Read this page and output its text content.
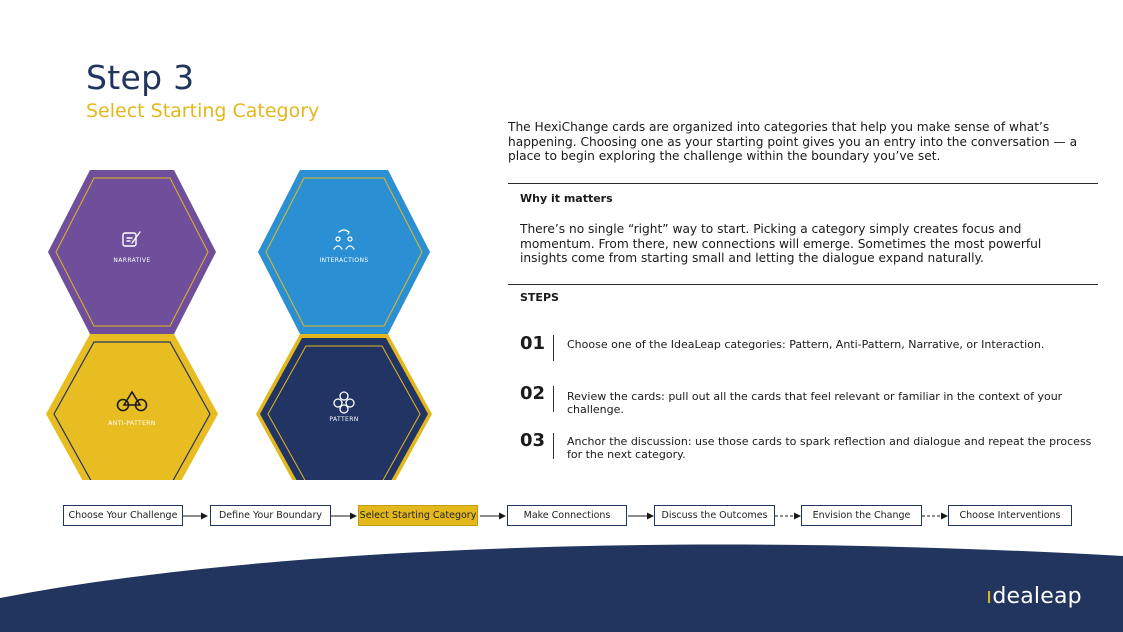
Step 3
Select Starting Category
The HexiChange cards are organized into categories that help you make sense of what’s happening. Choosing one as your starting point gives you an entry into the conversation — a place to begin exploring the challenge within the boundary you’ve set.
Why it matters
There’s no single “right” way to start. Picking a category simply creates focus and momentum. From there, new connections will emerge. Sometimes the most powerful insights come from starting small and letting the dialogue expand naturally.
STEPS
01 Choose one of the IdeaLeap categories: Pattern, Anti-Pattern, Narrative, or Interaction.
02 Review the cards: pull out all the cards that feel relevant or familiar in the context of your challenge.
03 Anchor the discussion: use those cards to spark reflection and dialogue and repeat the process for the next category.
NARRATIVE	INTERACTIONS
ANTI-PATTERN
PATTERN
Choose Your Challenge	Define Your Boundary	Select Starting Category	Make Connections	Discuss the Outcomes	Envision the Change	Choose Interventions
ıdealeap
